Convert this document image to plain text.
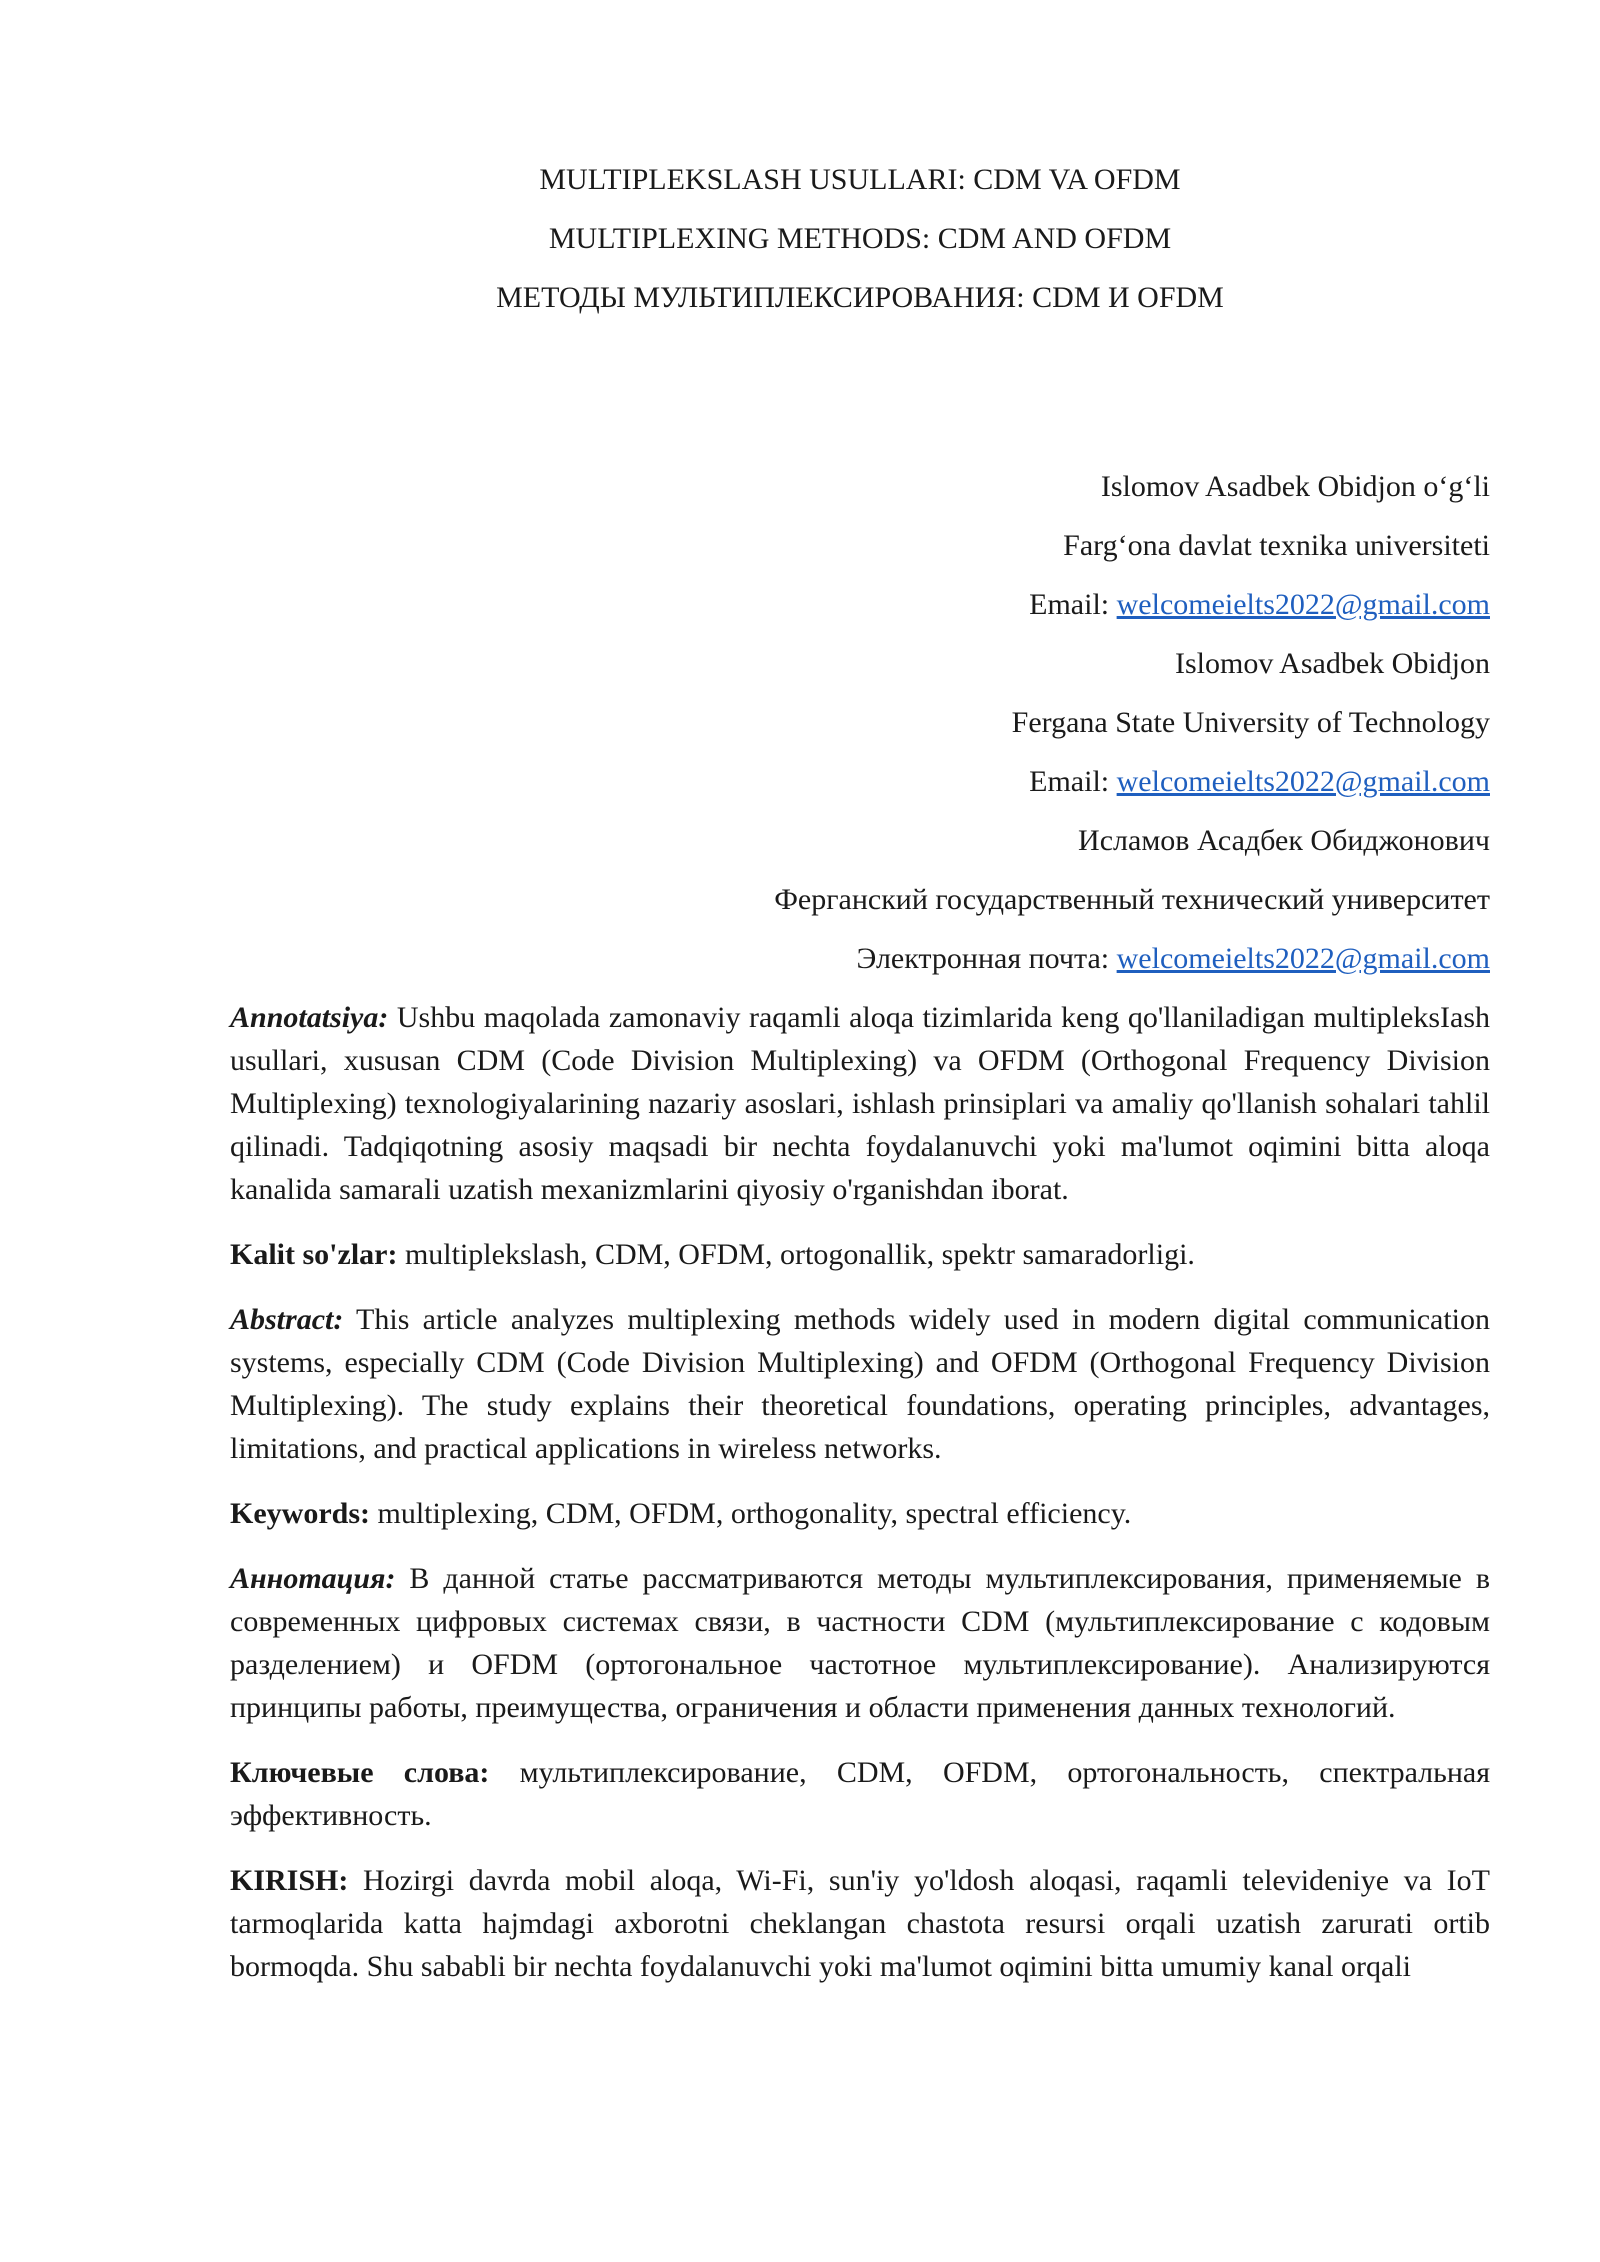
MULTIPLEKSLASH USULLARI: CDM VA OFDM
MULTIPLEXING METHODS: CDM AND OFDM
МЕТОДЫ МУЛЬТИПЛЕКСИРОВАНИЯ: CDM И OFDM
Islomov Asadbek Obidjon oʻgʻli
Fargʻona davlat texnika universiteti
Email: welcomeielts2022@gmail.com
Islomov Asadbek Obidjon
Fergana State University of Technology
Email: welcomeielts2022@gmail.com
Исламов Асадбек Обиджонович
Ферганский государственный технический университет
Электронная почта: welcomeielts2022@gmail.com

Annotatsiya: Ushbu maqolada zamonaviy raqamli aloqa tizimlarida keng qo'llaniladigan multipleksIash usullari, xususan CDM (Code Division Multiplexing) va OFDM (Orthogonal Frequency Division Multiplexing) texnologiyalarining nazariy asoslari, ishlash prinsiplari va amaliy qo'llanish sohalari tahlil qilinadi. Tadqiqotning asosiy maqsadi bir nechta foydalanuvchi yoki ma'lumot oqimini bitta aloqa kanalida samarali uzatish mexanizmlarini qiyosiy o'rganishdan iborat.

Kalit so'zlar: multiplekslash, CDM, OFDM, ortogonallik, spektr samaradorligi.

Abstract: This article analyzes multiplexing methods widely used in modern digital communication systems, especially CDM (Code Division Multiplexing) and OFDM (Orthogonal Frequency Division Multiplexing). The study explains their theoretical foundations, operating principles, advantages, limitations, and practical applications in wireless networks.

Keywords: multiplexing, CDM, OFDM, orthogonality, spectral efficiency.

Аннотация: В данной статье рассматриваются методы мультиплексирования, применяемые в современных цифровых системах связи, в частности CDM (мультиплексирование с кодовым разделением) и OFDM (ортогональное частотное мультиплексирование). Анализируются принципы работы, преимущества, ограничения и области применения данных технологий.

Ключевые слова: мультиплексирование, CDM, OFDM, ортогональность, спектральная эффективность.

KIRISH: Hozirgi davrda mobil aloqa, Wi-Fi, sun'iy yo'ldosh aloqasi, raqamli televideniye va IoT tarmoqlarida katta hajmdagi axborotni cheklangan chastota resursi orqali uzatish zarurati ortib bormoqda. Shu sababli bir nechta foydalanuvchi yoki ma'lumot oqimini bitta umumiy kanal orqali
